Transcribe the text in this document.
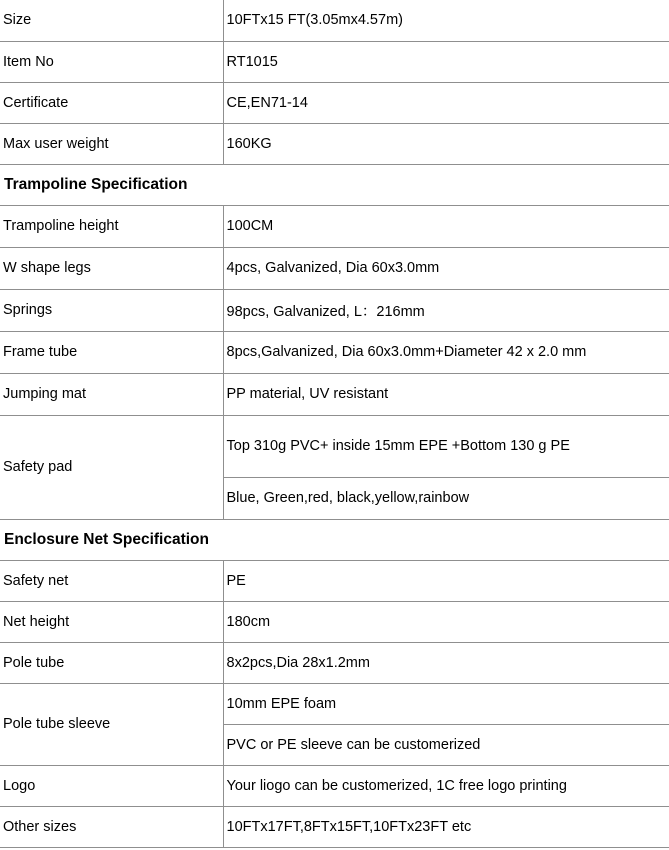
Size	10FTx15 FT(3.05mx4.57m)
Item No	RT1015
Certificate	CE,EN71-14
Max user weight	160KG
Trampoline Specification	
Trampoline height	100CM
W shape legs	4pcs, Galvanized, Dia 60x3.0mm
Springs	98pcs, Galvanized, L：216mm
Frame tube	8pcs,Galvanized, Dia 60x3.0mm+Diameter 42 x 2.0 mm
Jumping mat	PP material, UV resistant
Safety pad	Top 310g PVC+ inside 15mm EPE +Bottom 130 g PE
	Blue, Green,red, black,yellow,rainbow
Enclosure Net Specification	
Safety net	PE
Net height	180cm
Pole tube	8x2pcs,Dia 28x1.2mm
Pole tube sleeve	10mm EPE foam
	PVC or PE sleeve can be customerized
Logo	Your liogo can be customerized, 1C free logo printing
Other sizes	10FTx17FT,8FTx15FT,10FTx23FT etc
